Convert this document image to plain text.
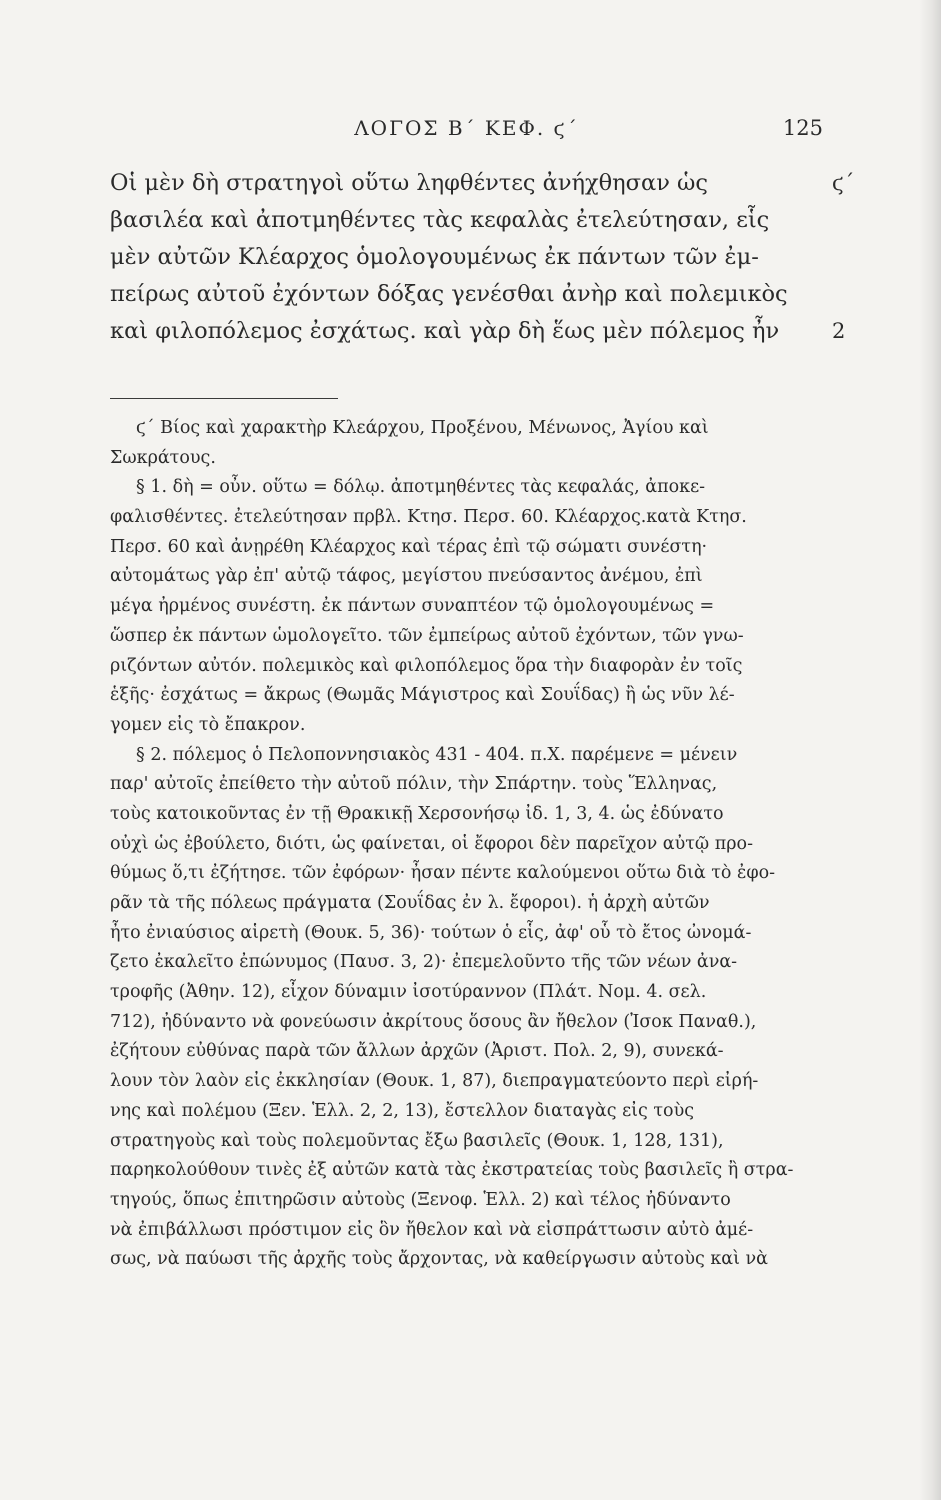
ΛΟΓΟΣ Β΄ ΚΕΦ. ϛ΄	125
Οἱ μὲν δὴ στρατηγοὶ οὕτω ληφθέντες ἀνήχθησαν ὡς	ϛ΄
βασιλέα καὶ ἀποτμηθέντες τὰς κεφαλὰς ἐτελεύτησαν, εἷς
μὲν αὐτῶν Κλέαρχος ὁμολογουμένως ἐκ πάντων τῶν ἐμ-
πείρως αὐτοῦ ἐχόντων δόξας γενέσθαι ἀνὴρ καὶ πολεμικὸς
καὶ φιλοπόλεμος ἐσχάτως. καὶ γὰρ δὴ ἕως μὲν πόλεμος ἦν	2
ϛ΄ Βίος καὶ χαρακτὴρ Κλεάρχου, Προξένου, Μένωνος, Ἀγίου καὶ
Σωκράτους.
§ 1. δὴ = οὖν. οὕτω = δόλῳ. ἀποτμηθέντες τὰς κεφαλάς, ἀποκε-
φαλισθέντες. ἐτελεύτησαν πρβλ. Κτησ. Περσ. 60. Κλέαρχος.κατὰ Κτησ.
Περσ. 60 καὶ ἀνῃρέθη Κλέαρχος καὶ τέρας ἐπὶ τῷ σώματι συνέστη·
αὐτομάτως γὰρ ἐπ' αὐτῷ τάφος, μεγίστου πνεύσαντος ἀνέμου, ἐπὶ
μέγα ἠρμένος συνέστη. ἐκ πάντων συναπτέον τῷ ὁμολογουμένως =
ὥσπερ ἐκ πάντων ὡμολογεῖτο. τῶν ἐμπείρως αὐτοῦ ἐχόντων, τῶν γνω-
ριζόντων αὐτόν. πολεμικὸς καὶ φιλοπόλεμος ὅρα τὴν διαφορὰν ἐν τοῖς
ἑξῆς· ἐσχάτως = ἄκρως (Θωμᾶς Μάγιστρος καὶ Σουΐδας) ἢ ὡς νῦν λέ-
γομεν εἰς τὸ ἔπακρον.
§ 2. πόλεμος ὁ Πελοποννησιακὸς 431 - 404. π.Χ. παρέμενε = μένειν
παρ' αὐτοῖς ἐπείθετο τὴν αὐτοῦ πόλιν, τὴν Σπάρτην. τοὺς Ἕλληνας,
τοὺς κατοικοῦντας ἐν τῇ Θρακικῇ Χερσονήσῳ ἰδ. 1, 3, 4. ὡς ἐδύνατο
οὐχὶ ὡς ἐβούλετο, διότι, ὡς φαίνεται, οἱ ἔφοροι δὲν παρεῖχον αὐτῷ προ-
θύμως ὅ,τι ἐζήτησε. τῶν ἐφόρων· ἦσαν πέντε καλούμενοι οὕτω διὰ τὸ ἐφο-
ρᾶν τὰ τῆς πόλεως πράγματα (Σουΐδας ἐν λ. ἔφοροι). ἡ ἀρχὴ αὐτῶν
ἦτο ἐνιαύσιος αἱρετὴ (Θουκ. 5, 36)· τούτων ὁ εἷς, ἀφ' οὗ τὸ ἔτος ὠνομά-
ζετο ἐκαλεῖτο ἐπώνυμος (Παυσ. 3, 2)· ἐπεμελοῦντο τῆς τῶν νέων ἀνα-
τροφῆς (Ἀθην. 12), εἶχον δύναμιν ἰσοτύραννον (Πλάτ. Νομ. 4. σελ.
712), ἠδύναντο νὰ φονεύωσιν ἀκρίτους ὅσους ἂν ἤθελον (Ἰσοκ Παναθ.),
ἐζήτουν εὐθύνας παρὰ τῶν ἄλλων ἀρχῶν (Ἀριστ. Πολ. 2, 9), συνεκά-
λουν τὸν λαὸν εἰς ἐκκλησίαν (Θουκ. 1, 87), διεπραγματεύοντο περὶ εἰρή-
νης καὶ πολέμου (Ξεν. Ἑλλ. 2, 2, 13), ἔστελλον διαταγὰς εἰς τοὺς
στρατηγοὺς καὶ τοὺς πολεμοῦντας ἔξω βασιλεῖς (Θουκ. 1, 128, 131),
παρηκολούθουν τινὲς ἐξ αὐτῶν κατὰ τὰς ἐκστρατείας τοὺς βασιλεῖς ἢ στρα-
τηγούς, ὅπως ἐπιτηρῶσιν αὐτοὺς (Ξενοφ. Ἑλλ. 2) καὶ τέλος ἠδύναντο
νὰ ἐπιβάλλωσι πρόστιμον εἰς ὃν ἤθελον καὶ νὰ εἰσπράττωσιν αὐτὸ ἀμέ-
σως, νὰ παύωσι τῆς ἀρχῆς τοὺς ἄρχοντας, νὰ καθείργωσιν αὐτοὺς καὶ νὰ
